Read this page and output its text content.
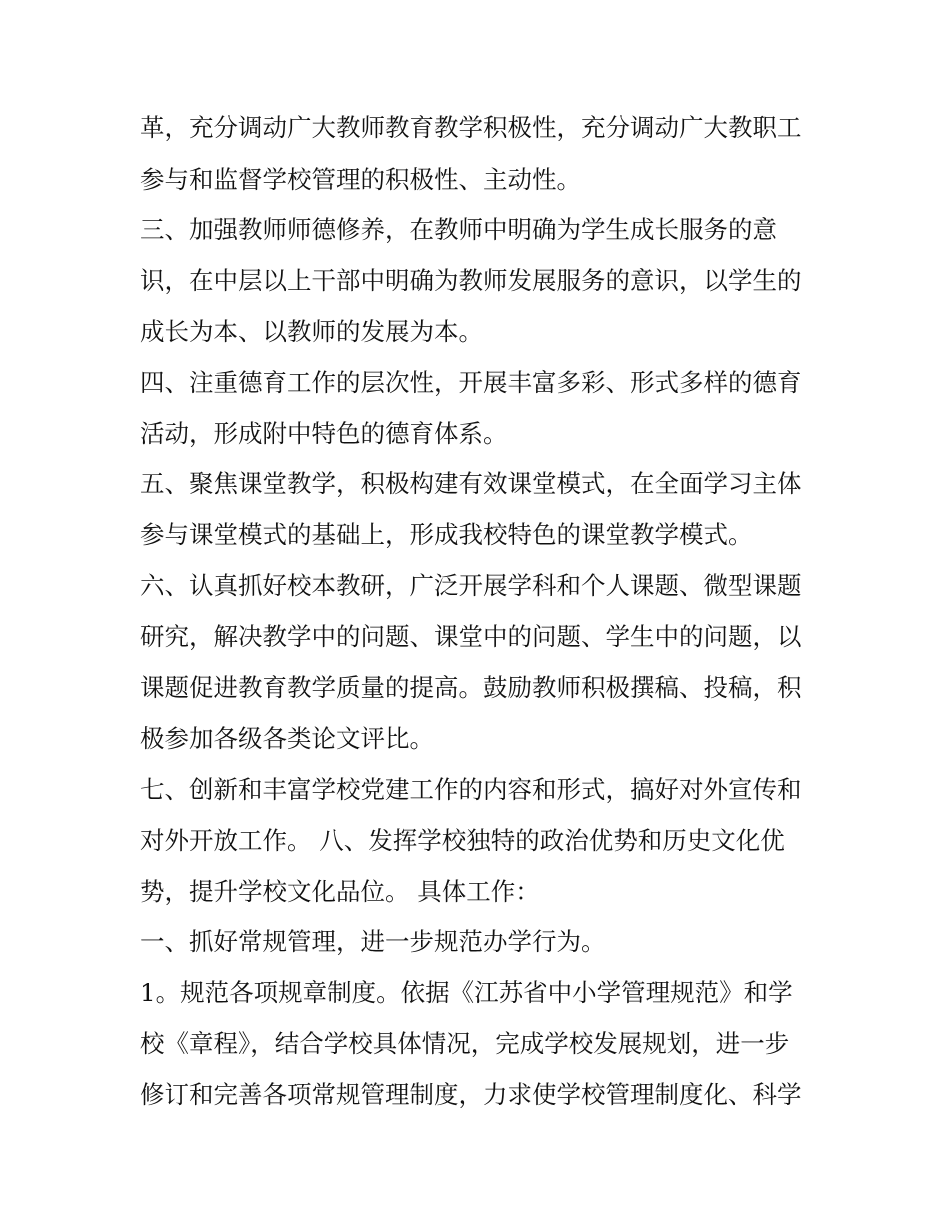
革，充分调动广大教师教育教学积极性，充分调动广大教职工
参与和监督学校管理的积极性、主动性。
三、加强教师师德修养，在教师中明确为学生成长服务的意
识，在中层以上干部中明确为教师发展服务的意识，以学生的
成长为本、以教师的发展为本。
四、注重德育工作的层次性，开展丰富多彩、形式多样的德育
活动，形成附中特色的德育体系。
五、聚焦课堂教学，积极构建有效课堂模式，在全面学习主体
参与课堂模式的基础上，形成我校特色的课堂教学模式。
六、认真抓好校本教研，广泛开展学科和个人课题、微型课题
研究，解决教学中的问题、课堂中的问题、学生中的问题，以
课题促进教育教学质量的提高。鼓励教师积极撰稿、投稿，积
极参加各级各类论文评比。
七、创新和丰富学校党建工作的内容和形式，搞好对外宣传和
对外开放工作。 八、发挥学校独特的政治优势和历史文化优
势，提升学校文化品位。 具体工作：
一、抓好常规管理，进一步规范办学行为。
1。规范各项规章制度。依据《江苏省中小学管理规范》和学
校《章程》，结合学校具体情况，完成学校发展规划，进一步
修订和完善各项常规管理制度，力求使学校管理制度化、科学
